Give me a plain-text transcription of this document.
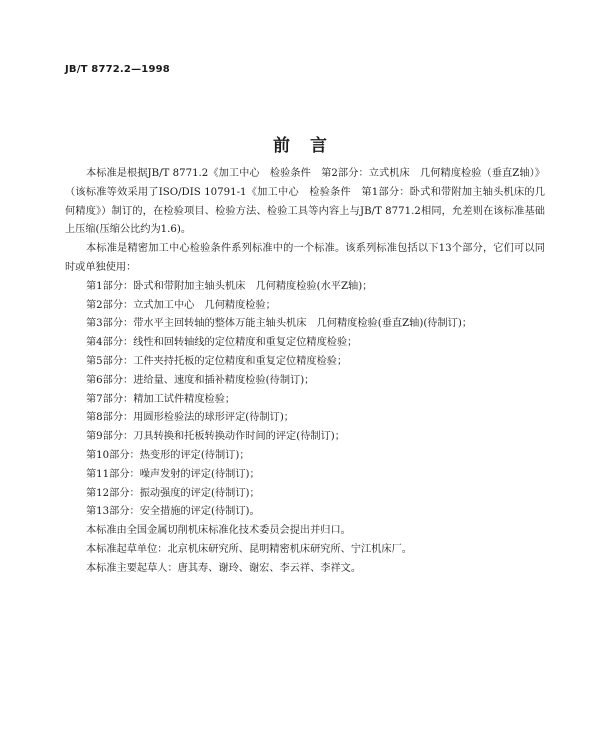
JB/T 8772.2—1998
前言

本标准是根据JB/T 8771.2《加工中心　检验条件　第2部分：立式机床　几何精度检验（垂直Z轴）》（该标准等效采用了ISO/DIS 10791-1《加工中心　检验条件　第1部分：卧式和带附加主轴头机床的几何精度》）制订的，在检验项目、检验方法、检验工具等内容上与JB/T 8771.2相同，允差则在该标准基础上压缩(压缩公比约为1.6)。

本标准是精密加工中心检验条件系列标准中的一个标准。该系列标准包括以下13个部分，它们可以同时或单独使用：

第1部分：卧式和带附加主轴头机床　几何精度检验(水平Z轴)；

第2部分：立式加工中心　几何精度检验；

第3部分：带水平主回转轴的整体万能主轴头机床　几何精度检验(垂直Z轴)(待制订)；

第4部分：线性和回转轴线的定位精度和重复定位精度检验；

第5部分：工件夹持托板的定位精度和重复定位精度检验；

第6部分：进给量、速度和插补精度检验(待制订)；

第7部分：精加工试件精度检验；

第8部分：用圆形检验法的球形评定(待制订)；

第9部分：刀具转换和托板转换动作时间的评定(待制订)；

第10部分：热变形的评定(待制订)；

第11部分：噪声发射的评定(待制订)；

第12部分：振动强度的评定(待制订)；

第13部分：安全措施的评定(待制订)。

本标准由全国金属切削机床标准化技术委员会提出并归口。

本标准起草单位：北京机床研究所、昆明精密机床研究所、宁江机床厂。

本标准主要起草人：唐其寿、谢玲、谢宏、李云祥、李祥文。
